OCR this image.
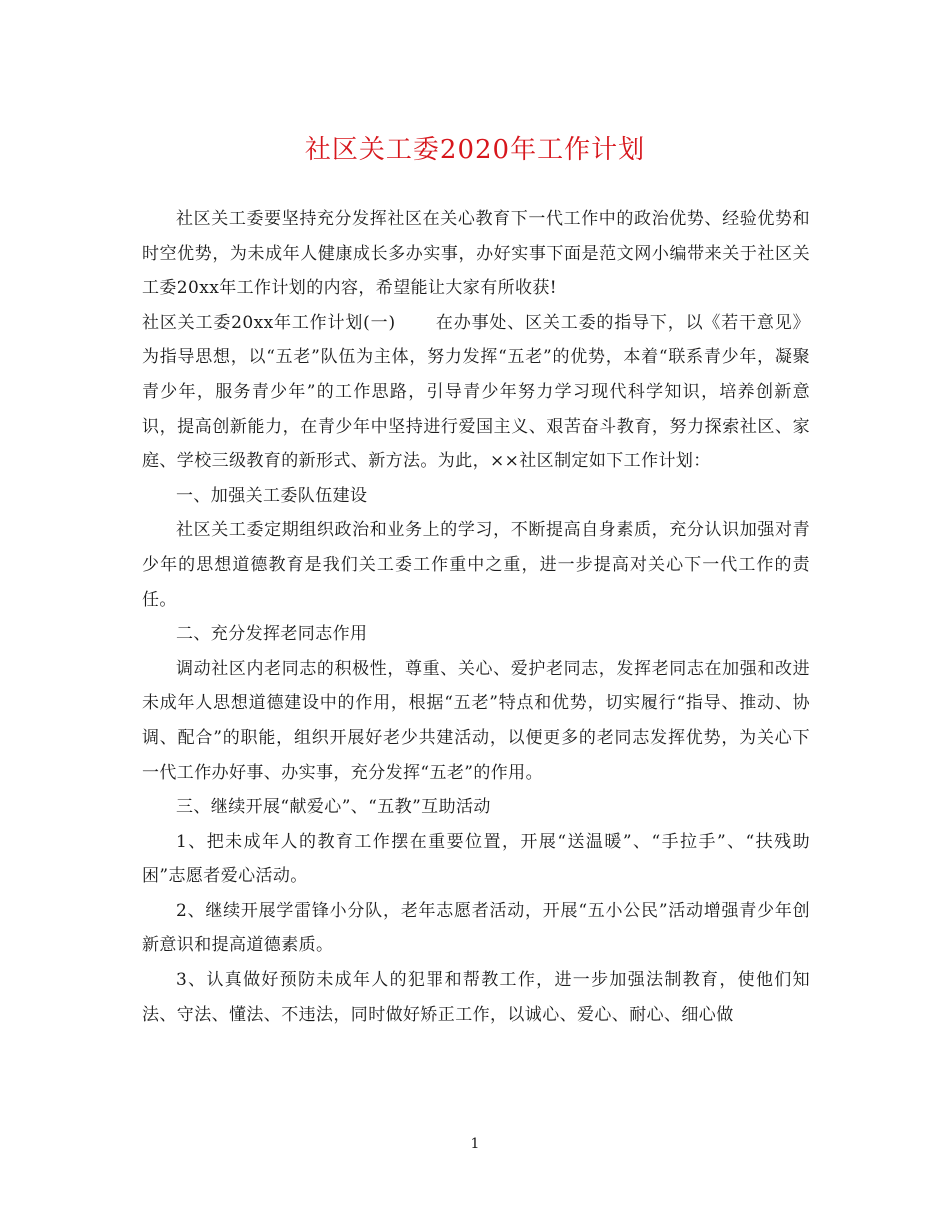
社区关工委2020年工作计划

社区关工委要坚持充分发挥社区在关心教育下一代工作中的政治优势、经验优势和时空优势，为未成年人健康成长多办实事，办好实事下面是范文网小编带来关于社区关工委20xx年工作计划的内容，希望能让大家有所收获!

社区关工委20xx年工作计划(一) 在办事处、区关工委的指导下，以《若干意见》为指导思想，以“五老”队伍为主体，努力发挥“五老”的优势，本着“联系青少年，凝聚青少年，服务青少年”的工作思路，引导青少年努力学习现代科学知识，培养创新意识，提高创新能力，在青少年中坚持进行爱国主义、艰苦奋斗教育，努力探索社区、家庭、学校三级教育的新形式、新方法。为此，××社区制定如下工作计划：

一、加强关工委队伍建设

社区关工委定期组织政治和业务上的学习，不断提高自身素质，充分认识加强对青少年的思想道德教育是我们关工委工作重中之重，进一步提高对关心下一代工作的责任。

二、充分发挥老同志作用

调动社区内老同志的积极性，尊重、关心、爱护老同志，发挥老同志在加强和改进未成年人思想道德建设中的作用，根据“五老”特点和优势，切实履行“指导、推动、协调、配合”的职能，组织开展好老少共建活动，以便更多的老同志发挥优势，为关心下一代工作办好事、办实事，充分发挥“五老”的作用。

三、继续开展“献爱心”、“五教”互助活动

1、把未成年人的教育工作摆在重要位置，开展“送温暖”、“手拉手”、“扶残助困”志愿者爱心活动。

2、继续开展学雷锋小分队，老年志愿者活动，开展“五小公民”活动增强青少年创新意识和提高道德素质。

3、认真做好预防未成年人的犯罪和帮教工作，进一步加强法制教育，使他们知法、守法、懂法、不违法，同时做好矫正工作，以诚心、爱心、耐心、细心做

1
